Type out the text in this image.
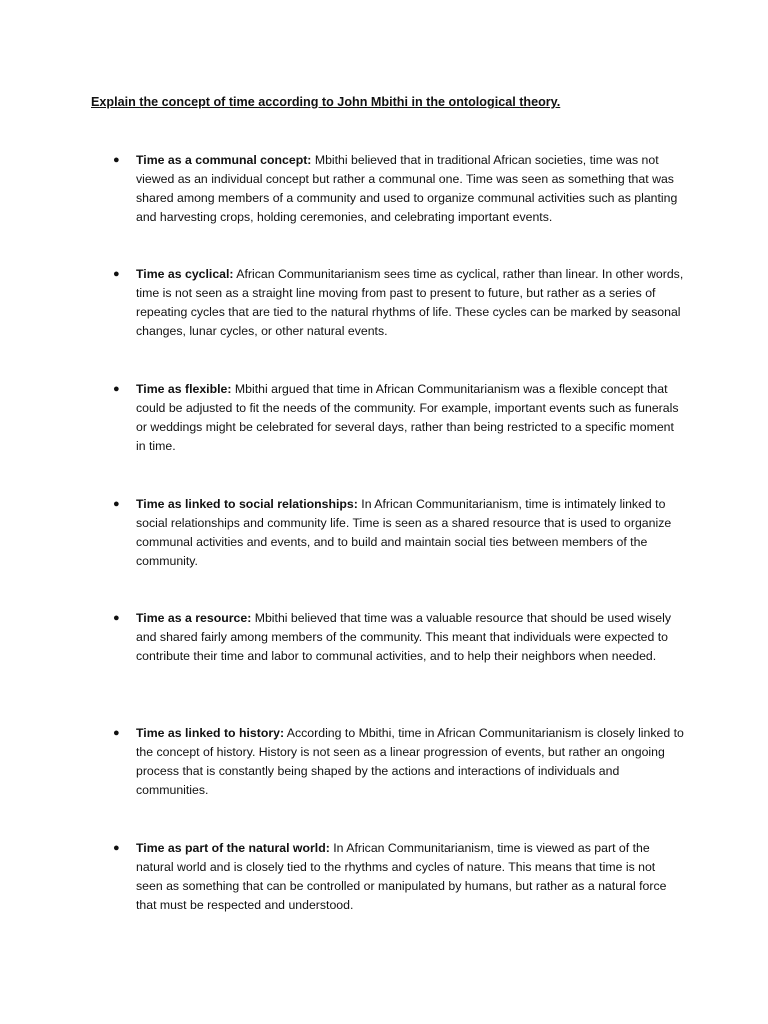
Explain the concept of time according to John Mbithi in the ontological theory.
● Time as a communal concept: Mbithi believed that in traditional African societies, time was not viewed as an individual concept but rather a communal one. Time was seen as something that was shared among members of a community and used to organize communal activities such as planting and harvesting crops, holding ceremonies, and celebrating important events.
● Time as cyclical: African Communitarianism sees time as cyclical, rather than linear. In other words, time is not seen as a straight line moving from past to present to future, but rather as a series of repeating cycles that are tied to the natural rhythms of life. These cycles can be marked by seasonal changes, lunar cycles, or other natural events.
● Time as flexible: Mbithi argued that time in African Communitarianism was a flexible concept that could be adjusted to fit the needs of the community. For example, important events such as funerals or weddings might be celebrated for several days, rather than being restricted to a specific moment in time.
● Time as linked to social relationships: In African Communitarianism, time is intimately linked to social relationships and community life. Time is seen as a shared resource that is used to organize communal activities and events, and to build and maintain social ties between members of the community.
● Time as a resource: Mbithi believed that time was a valuable resource that should be used wisely and shared fairly among members of the community. This meant that individuals were expected to contribute their time and labor to communal activities, and to help their neighbors when needed.
● Time as linked to history: According to Mbithi, time in African Communitarianism is closely linked to the concept of history. History is not seen as a linear progression of events, but rather an ongoing process that is constantly being shaped by the actions and interactions of individuals and communities.
● Time as part of the natural world: In African Communitarianism, time is viewed as part of the natural world and is closely tied to the rhythms and cycles of nature. This means that time is not seen as something that can be controlled or manipulated by humans, but rather as a natural force that must be respected and understood.
